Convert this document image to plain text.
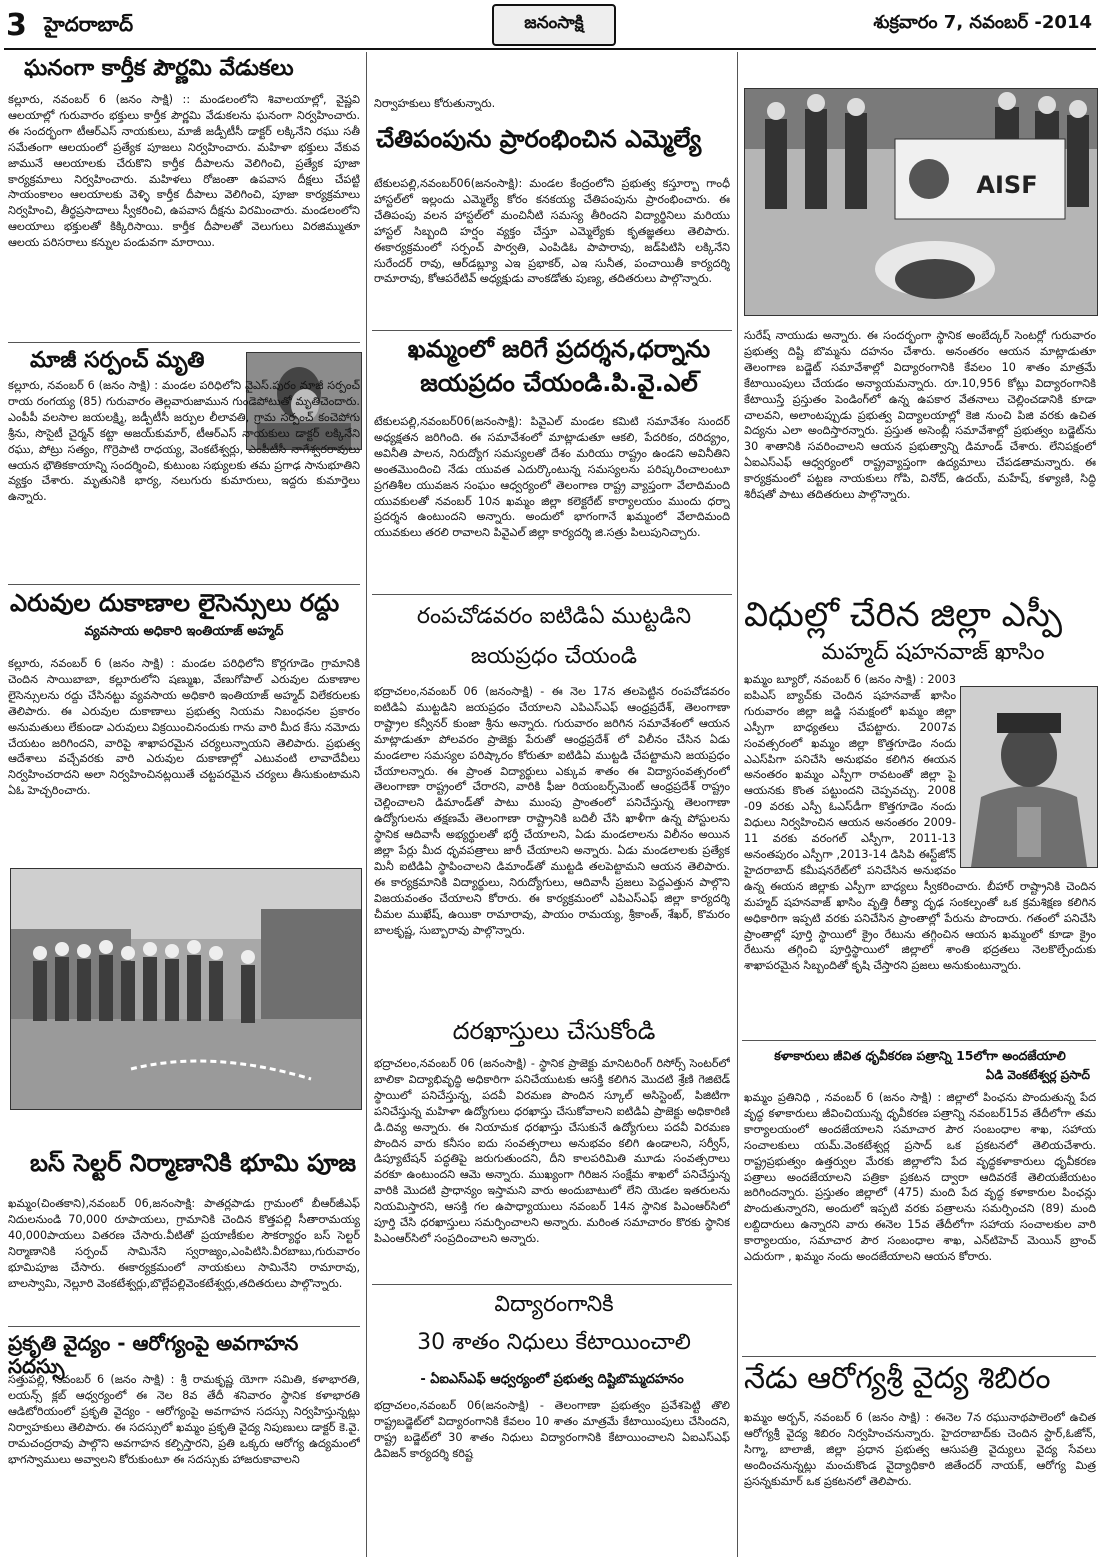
3 హైదరాబాద్	జనంసాక్షి	శుక్రవారం 7, నవంబర్ -2014
ఘనంగా కార్తీక పౌర్ణమి వేడుకలు
కల్లూరు, నవంబర్ 6 (జనం సాక్షి) :: మండలంలోని శివాలయాల్లో, వైష్ణవి ఆలయాల్లో గురువారం భక్తులు కార్తీక పౌర్ణమి వేడుకలను ఘనంగా నిర్వహించారు. ఈ సందర్భంగా టీఆర్ఎస్ నాయకులు, మాజీ జడ్పీటీసీ డాక్టర్ లక్కినేని రఘు సతీ సమేతంగా ఆలయంలో ప్రత్యేక పూజలు నిర్వహించారు. మహిళా భక్తులు వేకువ జామునే ఆలయాలకు చేరుకొని కార్తీక దీపాలను వెలిగించి, ప్రత్యేక పూజా కార్యక్రమాలు నిర్వహించారు. మహిళలు రోజంతా ఉపవాస దీక్షలు చేపట్టి సాయంకాలం ఆలయాలకు వెళ్ళి కార్తీక దీపాలు వెలిగించి, పూజా కార్యక్రమాలు నిర్వహించి, తీర్థప్రసాదాలు స్వీకరించి, ఉపవాస దీక్షను విరమించారు. మండలంలోని ఆలయాలు భక్తులతో కిక్కిరిసాయి. కార్తీక దీపాలతో వెలుగులు విరజిమ్ముతూ ఆలయ పరిసరాలు కన్నుల పండువగా మారాయి.
మాజీ సర్పంచ్ మృతి
కల్లూరు, నవంబర్ 6 (జనం సాక్షి) : మండల పరిధిలోని వైఎస్.పురం మాజీ సర్పంచ్ రాయ రంగయ్య (85) గురువారం తెల్లవారుజామున గుండెపోటుతో మృతిచెందారు. ఎంపీపీ వలసాల జయలక్ష్మి, జడ్పీటీసీ జర్పుల లీలావతి, గ్రామ సర్పంచ్ కంచెపోగు శ్రీను, సొసైటీ చైర్మన్ కట్టా అజయ్‌కుమార్, టీఆర్ఎస్ నాయకులు డాక్టర్ లక్కినేని రఘు, పోట్రు సత్యం, గొర్రెపాటి రాధయ్య, వెంకటేశ్వర్లు, ఎంపీటీసీ నాగేశ్వరరావులు ఆయన భౌతికకాయాన్ని సందర్శించి, కుటుంబ సభ్యులకు తమ ప్రగాఢ సానుభూతిని వ్యక్తం చేశారు. మృతునికి భార్య, నలుగురు కుమారులు, ఇద్దరు కుమార్తెలు ఉన్నారు.
ఎరువుల దుకాణాల లైసెన్సులు రద్దు
వ్యవసాయ అధికారి ఇంతియాజ్ అహ్మద్
కల్లూరు, నవంబర్ 6 (జనం సాక్షి) : మండల పరిధిలోని కొర్లగూడెం గ్రామానికి చెందిన సాయిబాబా, కల్లూరులోని షణ్ముఖ, వేణుగోపాల్ ఎరువుల దుకాణాల లైసెన్సులను రద్దు చేసినట్టు వ్యవసాయ అధికారి ఇంతియాజ్ అహ్మద్ విలేకరులకు తెలిపారు. ఈ ఎరువుల దుకాణాలు ప్రభుత్వ నియమ నిబంధనల ప్రకారం అనుమతులు లేకుండా ఎరువులు విక్రయించినందుకు గాను వారి మీద కేసు నమోదు చేయటం జరిగిందని, వారిపై శాఖాపరమైన చర్యలున్నాయని తెలిపారు. ప్రభుత్వ ఆదేశాలు వచ్చేవరకు వారి ఎరువుల దుకాణాల్లో ఎటువంటి లావాదేవీలు నిర్వహించరాదని అలా నిర్వహించినట్లయితే చట్టపరమైన చర్యలు తీసుకుంటామని ఏఓ హెచ్చరించారు.
బస్ సెల్టర్ నిర్మాణానికి భూమి పూజ
ఖమ్మం(చింతకాని),నవంబర్ 06,జనంసాక్షి: పాతర్లపాడు గ్రామంలో బీఆర్‌జీఎఫ్ నిదులనుండి 70,000 రూపాయలు, గ్రామానికి చెందిన కొత్తపల్లి సీతారామయ్య 40,000పాయలు వితరణ చేసారు.వీటితో ప్రయాణీకుల సౌకర్యార్థం బస్ సెల్టర్ నిర్మాణానికి సర్పంచ్ సామినేని స్వరాజ్యం,ఎంపిటిసి.వీరబాబు,గురువారం భూమిపూజ చేసారు. ఈకార్యక్రమంలో నాయకులు సామినేని రామారావు, బాలస్వామి, నెల్లూరి వెంకటేశ్వర్లు,బొల్లేపల్లివెంకటేశ్వర్లు,తదితరులు పాల్గొన్నారు.
ప్రకృతి వైద్యం - ఆరోగ్యంపై అవగాహన సదస్సు
సత్తుపల్లి, నవంబర్ 6 (జనం సాక్షి) : శ్రీ రామకృష్ణ యోగా సమితి, కళాభారతి, లయన్స్ క్లబ్ ఆధ్వర్యంలో ఈ నెల 8వ తేదీ శనివారం స్థానిక కళాభారతి ఆడిటోరియంలో ప్రకృతి వైద్యం - ఆరోగ్యంపై అవగాహన సదస్సు నిర్వహిస్తున్నట్లు నిర్వాహకులు తెలిపారు. ఈ సదస్సులో ఖమ్మం ప్రకృతి వైద్య నిపుణులు డాక్టర్ కె.వై. రామచంద్రరావు పాల్గొని అవగాహన కల్పిస్తారని, ప్రతి ఒక్కరు ఆరోగ్య ఉద్యమంలో భాగస్వాములు అవ్వాలని కోరుకుంటూ ఈ సదస్సుకు హాజరుకావాలని
నిర్వాహకులు కోరుతున్నారు.
చేతిపంపును ప్రారంభించిన ఎమ్మెల్యే
టేకులపల్లి,నవంబర్06(జనంసాక్షి): మండల కేంద్రంలోని ప్రభుత్వ కస్తూర్బా గాంధీ హాస్టల్‌లో ఇల్లందు ఎమ్మెల్యే కోరం కనకయ్య చేతిపంపును ప్రారంభించారు. ఈ చేతిపంపు వలన హాస్టల్‌లో మంచినీటి సమస్య తీరిందని విద్యార్థినిలు మరియు హాస్టల్ సిబ్బంది హర్షం వ్యక్తం చేస్తూ ఎమ్మెల్యేకు కృతజ్ఞతలు తెలిపారు. ఈకార్యక్రమంలో సర్పంచ్ పార్వతి, ఎంపిడిఓ పాపారావు, జడ్‌పిటిసి లక్కినేని సురేందర్ రావు, ఆర్‌డబ్ల్యూ ఎఇ ప్రభాకర్, ఎఇ సునీత, పంచాయితీ కార్యదర్శి రామారావు, కోఆపరేటివ్ అధ్యక్షుడు వాంకడోతు పుణ్య, తదితరులు పాల్గొన్నారు.
ఖమ్మంలో జరిగే ప్రదర్శన,ధర్నాను
జయప్రదం చేయండి.పి.వై.ఎల్
టేకులపల్లి,నవంబర్06(జనంసాక్షి): పివైఎల్ మండల కమిటి సమావేశం సుందర్ అధ్యక్షతన జరిగింది. ఈ సమావేశంలో మాట్లాడుతూ ఆకలి, పేదరికం, దరిద్య్రం, అవినీతి పాలన, నిరుద్యోగ సమస్యలతో దేశం మరియు రాష్ట్రం ఉండని అవినీతిని అంతమొందించి నేడు యువత ఎదుర్కొంటున్న సమస్యలను పరిష్కరించాలంటూ ప్రగతిశీల యువజన సంఘం ఆధ్వర్యంలో తెలంగాణ రాష్ట్ర వ్యాప్తంగా వేలాదిమంది యువకులతో నవంబర్ 10న ఖమ్మం జిల్లా కలెక్టరేట్ కార్యాలయం ముందు ధర్నా ప్రదర్శన ఉంటుందని అన్నారు. అందులో భాగంగానే ఖమ్మంలో వేలాదిమంది యువకులు తరలి రావాలని పివైఎల్ జిల్లా కార్యదర్శి జి.సత్రు పిలుపునిచ్చారు.
రంపచోడవరం ఐటిడిఏ ముట్టడిని
జయప్రధం చేయండి
భద్రాచలం,నవంబర్ 06 (జనంసాక్షి) - ఈ నెల 17న తలపెట్టిన రంపచోడవరం ఐటిడిఏ ముట్టడిని జయప్రధం చేయాలని ఎపిఎస్‌ఎఫ్ ఆంధ్రప్రదేశ్, తెలంగాణా రాష్ట్రాల కన్వీనర్ కుంజా శ్రీను అన్నారు. గురువారం జరిగిన సమావేశంలో ఆయన మాట్లాడుతూ పోలవరం ప్రాజెక్టు పేరుతో ఆంధ్రప్రదేశ్ లో విలీనం చేసిన ఏడు మండలాల సమస్యల పరిష్కారం కోరుతూ ఐటిడిఏ ముట్టడి చేపట్టామని జయప్రధం చేయాలన్నారు. ఈ ప్రాంత విద్యార్థులు ఎక్కువ శాతం ఈ విద్యాసంవత్సరంలో తెలంగాణా రాష్ట్రంలో చేరారని, వారికి ఫీజు రియంబర్స్‌మెంట్ ఆంధ్రప్రదేశ్ రాష్ట్రం చెల్లించాలని డిమాండ్‌తో పాటు ముంపు ప్రాంతంలో పనిచేస్తున్న తెలంగాణా ఉద్యోగులను తక్షణమే తెలంగాణా రాష్ట్రానికి బదిలీ చేసి ఖాళీగా ఉన్న పోస్టులను స్థానిక ఆదివాసీ అభ్యర్థులతో భర్తీ చేయాలని, ఏడు మండలాలను విలీనం అయిన జిల్లా పేర్లు మీద ధృవపత్రాలు జారీ చేయాలని అన్నారు. ఏడు మండలాలకు ప్రత్యేక మినీ ఐటిడిఏ స్థాపించాలని డిమాండ్‌తో ముట్టడి తలపెట్టామని ఆయన తెలిపారు. ఈ కార్యక్రమానికి విద్యార్థులు, నిరుద్యోగులు, ఆదివాసీ ప్రజలు పెద్దఎత్తున పాల్గొని విజయవంతం చేయాలని కోరారు. ఈ కార్యక్రమంలో ఎపిఎస్‌ఎఫ్ జిల్లా కార్యదర్శి చీమల ముఖేష్, ఉయికా రామారావు, పాయం రామయ్య, శ్రీకాంత్, శేఖర్, కొమరం బాలకృష్ణ, సుబ్బారావు పాల్గొన్నారు.
దరఖాస్తులు చేసుకోండి
భద్రాచలం,నవంబర్ 06 (జనంసాక్షి) - స్థానిక ప్రాజెక్టు మానిటరింగ్ రిసోర్స్ సెంటర్‌లో బాలికా విద్యాభివృద్ధి అధికారిగా పనిచేయుటకు ఆసక్తి కలిగిన మొదటి శ్రేణి గెజిటెడ్ స్థాయిలో పనిచేస్తున్న, పదవీ విరమణ పొందిన స్కూల్ అసిస్టెంట్, పిజిటిగా పనిచేస్తున్న మహిళా ఉద్యోగులు ధరఖాస్తు చేసుకోవాలని ఐటిడిఏ ప్రాజెక్టు అధికారిణి డి.దివ్య అన్నారు. ఈ నియామక ధరఖాస్తు చేసుకునే ఉద్యోగులు పదవీ విరమణ పొందిన వారు కనీసం ఐదు సంవత్సరాలు అనుభవం కలిగి ఉండాలని, సర్వీస్, డిప్యూటేషన్ పద్ధతిపై జరుగుతుందని, దీని కాలపరిమితి మూడు సంవత్సరాలు వరకూ ఉంటుందని ఆమె అన్నారు. ముఖ్యంగా గిరిజన సంక్షేమ శాఖలో పనిచేస్తున్న వారికి మొదటి ప్రాధాన్యం ఇస్తామని వారు అందుబాటులో లేని యెడల ఇతరులను నియమిస్తారని, ఆసక్తి గల ఉపాధ్యాయులు నవంబర్ 14న స్థానిక పిఎంఆర్‌సిలో పూర్తి చేసి ధరఖాస్తులు సమర్పించాలని అన్నారు. మరింత సమాచారం కొరకు స్థానిక పిఎంఆర్‌సిలో సంప్రదించాలని అన్నారు.
విద్యారంగానికి
30 శాతం నిధులు కేటాయించాలి
- ఏఐఎస్‌ఎఫ్ ఆధ్వర్యంలో ప్రభుత్వ దిష్టిబొమ్మదహనం
భద్రాచలం,నవంబర్ 06(జనంసాక్షి) - తెలంగాణా ప్రభుత్వం ప్రవేశపెట్టి తొలి రాష్ట్రబడ్జెట్‌లో విద్యారంగానికి కేవలం 10 శాతం మాత్రమే కేటాయింపులు చేసిందని, రాష్ట్ర బడ్జెట్‌లో 30 శాతం నిధులు విద్యారంగానికి కేటాయించాలని ఏఐఎస్‌ఎఫ్ డివిజన్ కార్యదర్శి కరిష్ట
AISF
సురేష్ నాయుడు అన్నారు. ఈ సందర్భంగా స్థానిక అంబేద్కర్ సెంటర్లో గురువారం ప్రభుత్వ దిష్టి బొమ్మను దహనం చేశారు. అనంతరం ఆయన మాట్లాడుతూ తెలంగాణ బడ్జెట్ సమావేశాల్లో విద్యారంగానికి కేవలం 10 శాతం మాత్రమే కేటాయింపులు చేయడం అన్యాయమన్నారు. రూ.10,956 కోట్లు విద్యారంగానికి కేటాయిస్తే ప్రస్తుతం పెండింగ్‌లో ఉన్న ఉపకార వేతనాలు చెల్లించడానికి కూడా చాలవని, అలాంటప్పుడు ప్రభుత్వ విద్యాలయాల్లో కెజి నుంచి పిజి వరకు ఉచిత విద్యను ఎలా అందిస్తారన్నారు. ప్రస్తుత అసెంబ్లీ సమావేశాల్లో ప్రభుత్వం బడ్జెట్‌ను 30 శాతానికి సవరించాలని ఆయన ప్రభుత్వాన్ని డిమాండ్ చేశారు. లేనిపక్షంలో ఏఐఎస్‌ఎఫ్ ఆధ్వర్యంలో రాష్ట్రవ్యాప్తంగా ఉద్యమాలు చేపడతామన్నారు. ఈ కార్యక్రమంలో పట్టణ నాయకులు గోపి, వినోద్, ఉదయ్, మహేష్, కళ్యాణి, సిద్ధి శిరీషతో పాటు తదితరులు పాల్గొన్నారు.
విధుల్లో చేరిన జిల్లా ఎస్పీ
మహ్మద్ షహనవాజ్ ఖాసిం

ఖమ్మం బ్యూరో, నవంబర్ 6 (జనం సాక్షి) : 2003 ఐపిఎస్ బ్యాచ్‌కు చెందిన షహనవాజ్ ఖాసిం గురువారం జిల్లా జడ్జి సమక్షంలో ఖమ్మం జిల్లా ఎస్పీగా బాధ్యతలు చేపట్టారు. 2007వ సంవత్సరంలో ఖమ్మం జిల్లా కొత్తగూడెం నందు ఎఎస్‌పిగా పనిచేసి అనుభవం కలిగిన ఈయన అనంతరం ఖమ్మం ఎస్పీగా రావటంతో జిల్లా పై ఆయనకు కొంత పట్టుందని చెప్పవచ్చు. 2008 -09 వరకు ఎస్పీ ఓఎస్‌డీగా కొత్తగూడెం నందు విధులు నిర్వహించిన ఆయన అనంతరం 2009-11 వరకు వరంగల్ ఎస్పీగా, 2011-13 అనంతపురం ఎస్పీగా ,2013-14 డిసిపి ఈస్ట్‌జోన్ హైదరాబాద్ కమీషనరేట్‌లో పనిచేసిన అనుభవం ఉన్న ఈయన జిల్లాకు ఎస్పీగా బాధ్యలు స్వీకరించారు. బీహార్ రాష్ట్రానికి చెందిన మహ్మద్ షహనవాజ్ ఖాసిం వృత్తి రీత్యా దృఢ సంకల్పంతో ఒక క్రమశిక్షణ కలిగిన అధికారిగా ఇప్పటి వరకు పనిచేసిన ప్రాంతాల్లో పేరును పొందారు. గతంలో పనిచేసి ప్రాంతాల్లో పూర్తి స్థాయిలో క్రైం రేటును తగ్గించిన ఆయన ఖమ్మంలో కూడా క్రైం రేటును తగ్గించి పూర్తిస్థాయిలో జిల్లాలో శాంతి భద్రతలు నెలకొల్పేందుకు శాఖాపరమైన సిబ్బందితో కృషి చేస్తారని ప్రజలు అనుకుంటున్నారు.

కళాకారులు జీవిత ధృవీకరణ పత్రాన్ని 15లోగా అందజేయాలి
ఏడి వెంకటేశ్వర్ల ప్రసాద్
ఖమ్మం ప్రతినిధి , నవంబర్ 6 (జనం సాక్షి) : జిల్లాలో పింఛను పొందుతున్న పేద వృద్ధ కళాకారులు జీవించియున్న ధృవీకరణ పత్రాన్ని నవంబర్15వ తేదీలోగా తమ కార్యాలయంలో అందజేయాలని సమాచార పౌర సంబంధాల శాఖ, సహాయ సంచాలకులు యమ్.వెంకటేశ్వర్ల ప్రసాద్ ఒక ప్రకటనలో తెలియచేశారు. రాష్ట్రప్రభుత్వం ఉత్తర్వుల మేరకు జిల్లాలోని పేద వృద్ధకళాకారులు ధృవీకరణ పత్రాలు అందజేయాలని పత్రికా ప్రకటన ద్వారా ఆదివరకే తెలియజేయటం జరిగిందన్నారు. ప్రస్తుతం జిల్లాలో (475) మంది పేద వృద్ధ కళాకారుల పింఛన్లు పొందుతున్నారని, అందులో ఇప్పటి వరకు పత్రాలను సమర్పించని (89) మంది లబ్దిదారులు ఉన్నారని వారు ఈనెల 15వ తేదీలోగా సహాయ సంచాలకుల వారి కార్యాలయం, సమాచార పౌర సంబంధాల శాఖ, ఎన్‌టిహెచ్ మెయిన్ బ్రాంచ్ ఎదురుగా , ఖమ్మం నందు అందజేయాలని ఆయన కోరారు.
నేడు ఆరోగ్యశ్రీ వైద్య శిబిరం
ఖమ్మం అర్బన్, నవంబర్ 6 (జనం సాక్షి) : ఈనెల 7న రఘునాథపాలెంలో ఉచిత ఆరోగ్యశ్రీ వైద్య శిబిరం నిర్వహించనున్నారు. హైదరాబాద్‌కు చెందిన స్టార్,ఓజోన్, సిగ్మా, బాలాజీ, జిల్లా ప్రధాన ప్రభుత్వ ఆసుపత్రి వైద్యులు వైద్య సేవలు అందించనున్నట్లు మంచుకొండ వైద్యాధికారి జితేందర్ నాయక్, ఆరోగ్య మిత్ర ప్రసన్నకుమార్ ఒక ప్రకటనలో తెలిపారు.
